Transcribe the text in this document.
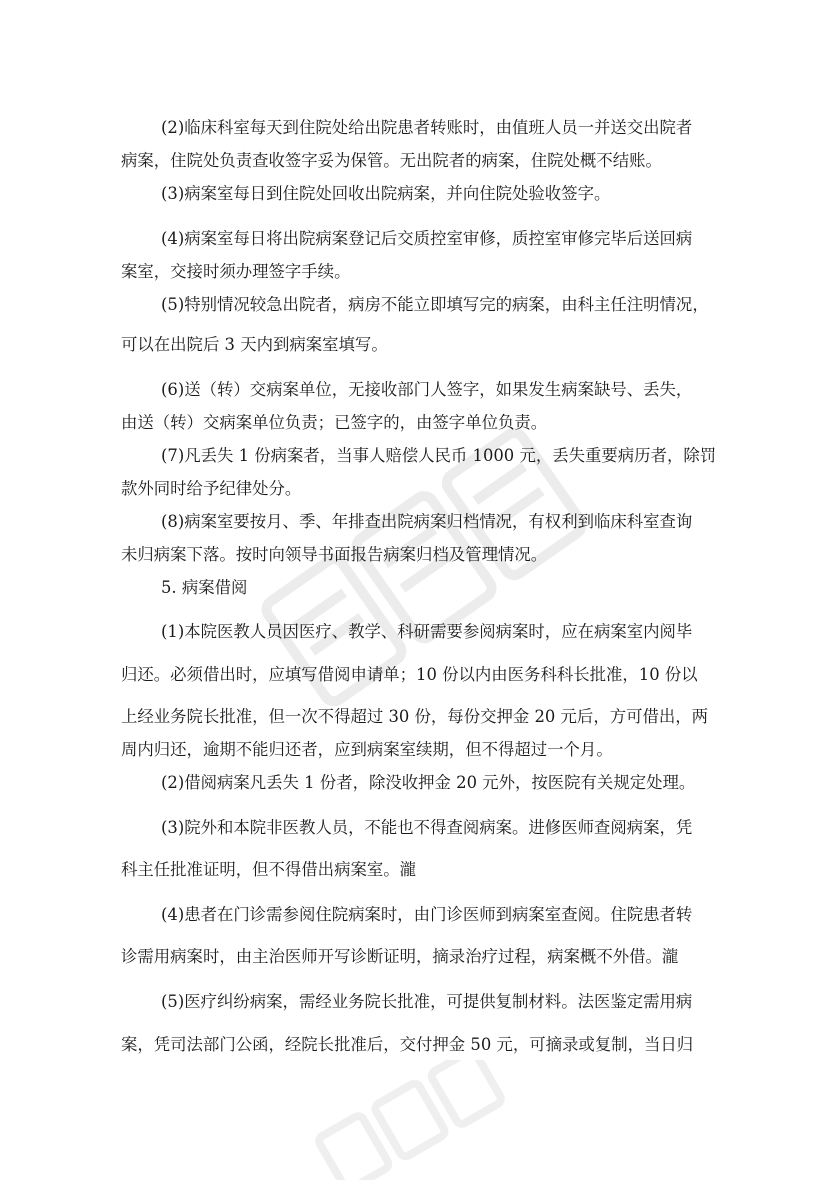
(2)临床科室每天到住院处给出院患者转账时，由值班人员一并送交出院者
病案，住院处负责查收签字妥为保管。无出院者的病案，住院处概不结账。
(3)病案室每日到住院处回收出院病案，并向住院处验收签字。
(4)病案室每日将出院病案登记后交质控室审修，质控室审修完毕后送回病
案室，交接时须办理签字手续。
(5)特别情况较急出院者，病房不能立即填写完的病案，由科主任注明情况，
可以在出院后 3 天内到病案室填写。
(6)送（转）交病案单位，无接收部门人签字，如果发生病案缺号、丢失，
由送（转）交病案单位负责；已签字的，由签字单位负责。
(7)凡丢失 1 份病案者，当事人赔偿人民币 1000 元，丢失重要病历者，除罚
款外同时给予纪律处分。
(8)病案室要按月、季、年排查出院病案归档情况，有权利到临床科室查询
未归病案下落。按时向领导书面报告病案归档及管理情况。
5. 病案借阅
(1)本院医教人员因医疗、教学、科研需要参阅病案时，应在病案室内阅毕
归还。必须借出时，应填写借阅申请单；10 份以内由医务科科长批准，10 份以
上经业务院长批准，但一次不得超过 30 份，每份交押金 20 元后，方可借出，两
周内归还，逾期不能归还者，应到病案室续期，但不得超过一个月。
(2)借阅病案凡丢失 1 份者，除没收押金 20 元外，按医院有关规定处理。
(3)院外和本院非医教人员，不能也不得查阅病案。进修医师查阅病案，凭
科主任批准证明，但不得借出病案室。瀧
(4)患者在门诊需参阅住院病案时，由门诊医师到病案室查阅。住院患者转
诊需用病案时，由主治医师开写诊断证明，摘录治疗过程，病案概不外借。瀧
(5)医疗纠纷病案，需经业务院长批准，可提供复制材料。法医鉴定需用病
案，凭司法部门公函，经院长批准后，交付押金 50 元，可摘录或复制，当日归
